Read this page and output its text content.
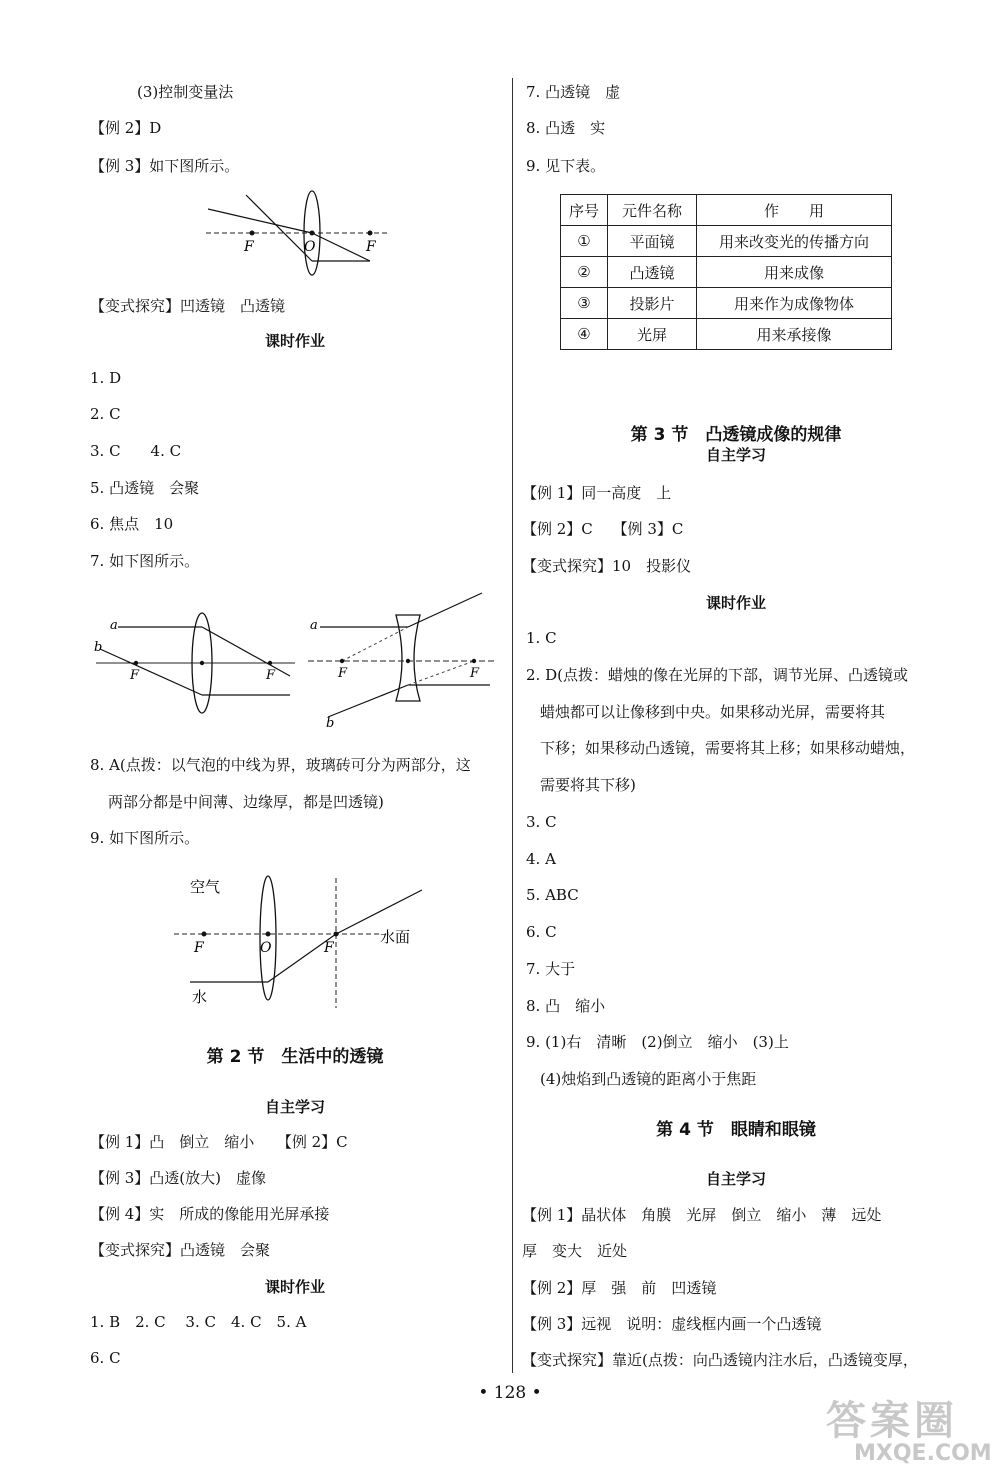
(3)控制变量法
【例 2】D
【例 3】如下图所示。
F	O	F
【变式探究】凹透镜　凸透镜
课时作业
1. D
2. C
3. C　　4. C
5. 凸透镜　会聚
6. 焦点　10
7. 如下图所示。
a
b
F	F
a
b
F	F
8. A(点拨：以气泡的中线为界，玻璃砖可分为两部分，这
两部分都是中间薄、边缘厚，都是凹透镜)
9. 如下图所示。
空气
F	O	F
水面
水
第 2 节　生活中的透镜
自主学习
【例 1】凸　倒立　缩小　　【例 2】C
【例 3】凸透(放大)　虚像
【例 4】实　所成的像能用光屏承接
【变式探究】凸透镜　会聚
课时作业
1. B　2. C　 3. C　4. C　5. A
6. C
7. 凸透镜　虚
8. 凸透　实
9. 见下表。
序号	元件名称	作　　用
①	平面镜	用来改变光的传播方向
②	凸透镜	用来成像
③	投影片	用来作为成像物体
④	光屏	用来承接像
第 3 节　凸透镜成像的规律
自主学习
【例 1】同一高度　上
【例 2】C　 【例 3】C
【变式探究】10　投影仪
课时作业
1. C
2. D(点拨：蜡烛的像在光屏的下部，调节光屏、凸透镜或
蜡烛都可以让像移到中央。如果移动光屏，需要将其
下移；如果移动凸透镜，需要将其上移；如果移动蜡烛，
需要将其下移)
3. C
4. A
5. ABC
6. C
7. 大于
8. 凸　缩小
9. (1)右　清晰　(2)倒立　缩小　(3)上
(4)烛焰到凸透镜的距离小于焦距
第 4 节　眼睛和眼镜
自主学习
【例 1】晶状体　角膜　光屏　倒立　缩小　薄　远处
厚　变大　近处
【例 2】厚　强　前　凹透镜
【例 3】远视　说明：虚线框内画一个凸透镜
【变式探究】靠近(点拨：向凸透镜内注水后，凸透镜变厚，
• 128 •
答案圈
MXQE.COM
